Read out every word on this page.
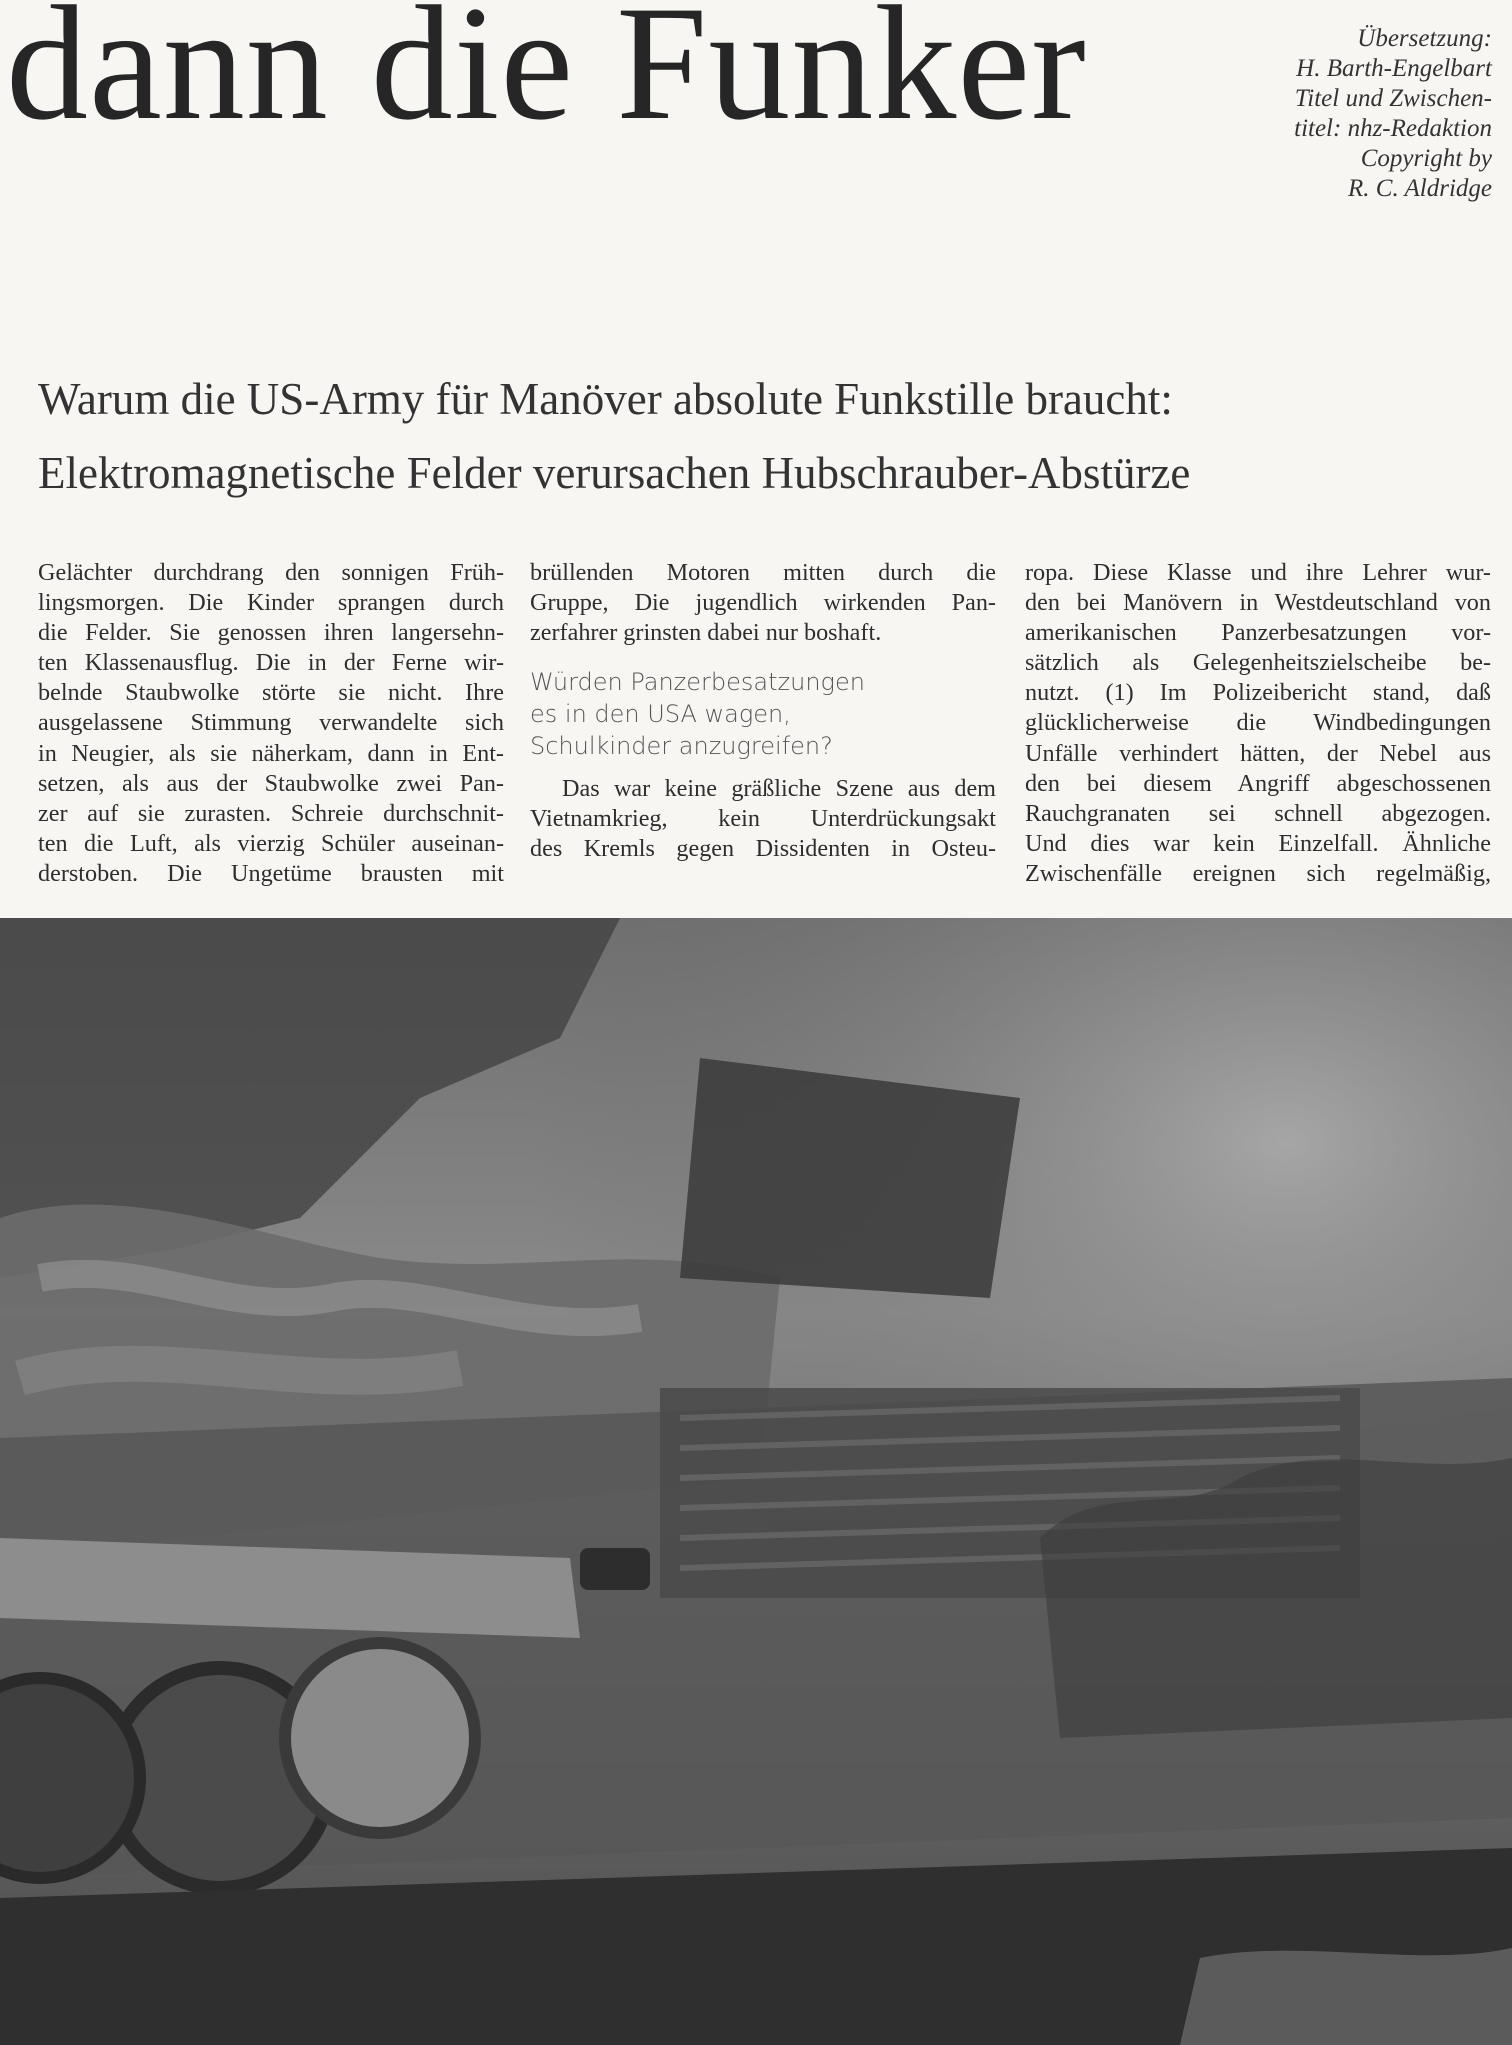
dann die Funker	Übersetzung:
H. Barth-Engelbart
Titel und Zwischen-
titel: nhz-Redaktion
Copyright by
R. C. Aldridge
Warum die US-Army für Manöver absolute Funkstille braucht:
Elektromagnetische Felder verursachen Hubschrauber-Abstürze
Gelächter durchdrang den sonnigen Früh-
lingsmorgen. Die Kinder sprangen durch
die Felder. Sie genossen ihren langersehn-
ten Klassenausflug. Die in der Ferne wir-
belnde Staubwolke störte sie nicht. Ihre
ausgelassene Stimmung verwandelte sich
in Neugier, als sie näherkam, dann in Ent-
setzen, als aus der Staubwolke zwei Pan-
zer auf sie zurasten. Schreie durchschnit-
ten die Luft, als vierzig Schüler auseinan-
derstoben. Die Ungetüme brausten mit
brüllenden Motoren mitten durch die
Gruppe, Die jugendlich wirkenden Pan-
zerfahrer grinsten dabei nur boshaft.
Würden Panzerbesatzungen
es in den USA wagen,
Schulkinder anzugreifen?
Das war keine gräßliche Szene aus dem
Vietnamkrieg, kein Unterdrückungsakt
des Kremls gegen Dissidenten in Osteu-
ropa. Diese Klasse und ihre Lehrer wur-
den bei Manövern in Westdeutschland von
amerikanischen Panzerbesatzungen vor-
sätzlich als Gelegenheitszielscheibe be-
nutzt. (1) Im Polizeibericht stand, daß
glücklicherweise die Windbedingungen
Unfälle verhindert hätten, der Nebel aus
den bei diesem Angriff abgeschossenen
Rauchgranaten sei schnell abgezogen.
Und dies war kein Einzelfall. Ähnliche
Zwischenfälle ereignen sich regelmäßig,
